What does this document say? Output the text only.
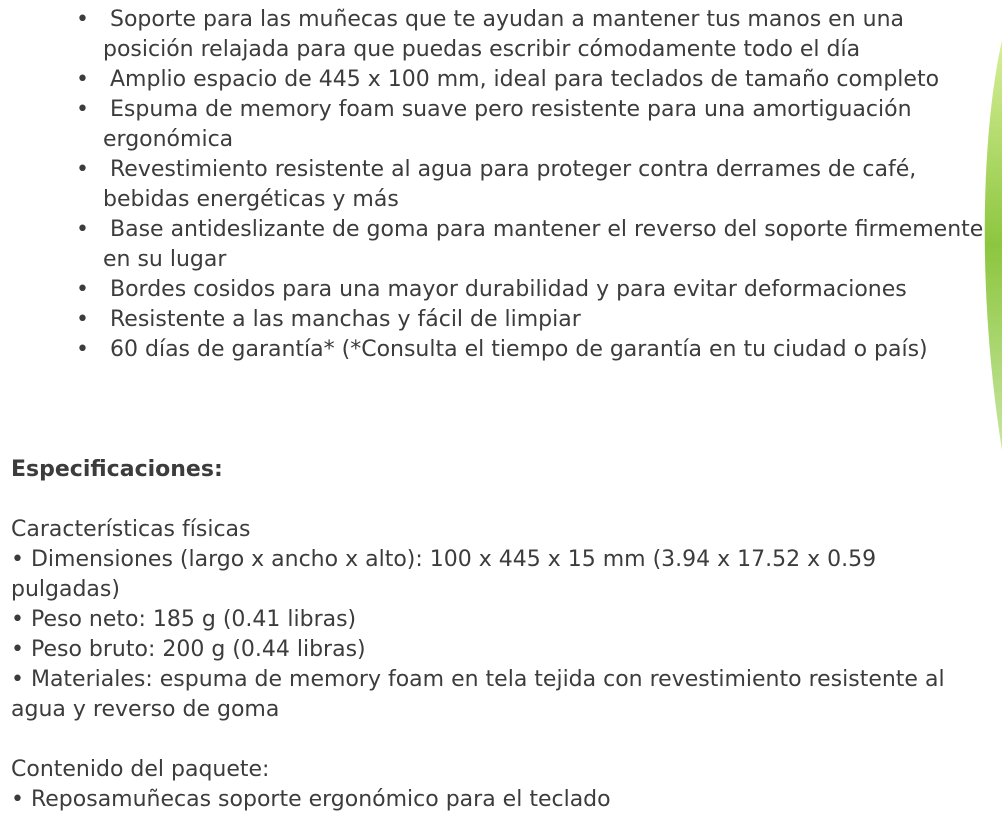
• Soporte para las muñecas que te ayudan a mantener tus manos en una posición relajada para que puedas escribir cómodamente todo el día
• Amplio espacio de 445 x 100 mm, ideal para teclados de tamaño completo
• Espuma de memory foam suave pero resistente para una amortiguación ergonómica
• Revestimiento resistente al agua para proteger contra derrames de café, bebidas energéticas y más
• Base antideslizante de goma para mantener el reverso del soporte firmemente en su lugar
• Bordes cosidos para una mayor durabilidad y para evitar deformaciones
• Resistente a las manchas y fácil de limpiar
• 60 días de garantía* (*Consulta el tiempo de garantía en tu ciudad o país)

Especificaciones:

Características físicas

• Dimensiones (largo x ancho x alto): 100 x 445 x 15 mm (3.94 x 17.52 x 0.59 pulgadas)

• Peso neto: 185 g (0.41 libras)

• Peso bruto: 200 g (0.44 libras)

• Materiales: espuma de memory foam en tela tejida con revestimiento resistente al agua y reverso de goma

Contenido del paquete:

• Reposamuñecas soporte ergonómico para el teclado
